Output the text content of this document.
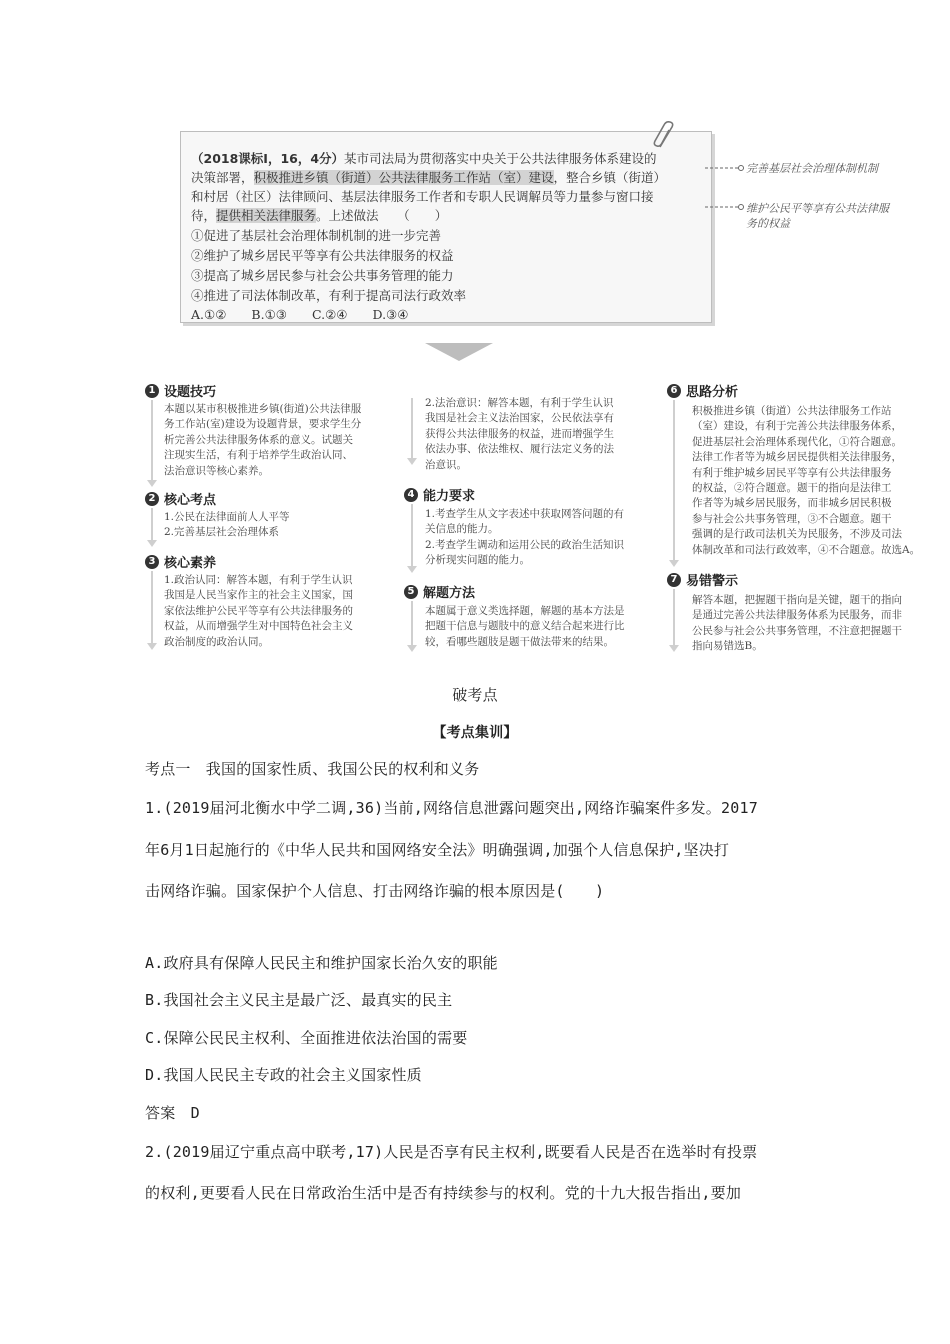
（2018课标Ⅰ，16，4分）某市司法局为贯彻落实中央关于公共法律服务体系建设的
决策部署，积极推进乡镇（街道）公共法律服务工作站（室）建设，整合乡镇（街道）
和村居（社区）法律顾问、基层法律服务工作者和专职人民调解员等力量参与窗口接
待，提供相关法律服务。上述做法　　（　　）
①促进了基层社会治理体制机制的进一步完善
②维护了城乡居民平等享有公共法律服务的权益
③提高了城乡居民参与社会公共事务管理的能力
④推进了司法体制改革，有利于提高司法行政效率
A.①②　　B.①③　　C.②④　　D.③④
完善基层社会治理体制机制
维护公民平等享有公共法律服
务的权益
1 设题技巧
本题以某市积极推进乡镇(街道)公共法律服
务工作站(室)建设为设题背景，要求学生分
析完善公共法律服务体系的意义。试题关
注现实生活，有利于培养学生政治认同、
法治意识等核心素养。
2 核心考点
1.公民在法律面前人人平等
2.完善基层社会治理体系
3 核心素养
1.政治认同：解答本题，有利于学生认识
我国是人民当家作主的社会主义国家，国
家依法维护公民平等享有公共法律服务的
权益，从而增强学生对中国特色社会主义
政治制度的政治认同。
2.法治意识：解答本题，有利于学生认识
我国是社会主义法治国家，公民依法享有
获得公共法律服务的权益，进而增强学生
依法办事、依法维权、履行法定义务的法
治意识。
4 能力要求
1.考查学生从文字表述中获取网答问题的有
关信息的能力。
2.考查学生调动和运用公民的政治生活知识
分析现实问题的能力。
5 解题方法
本题属于意义类选择题，解题的基本方法是
把题干信息与题肢中的意义结合起来进行比
较，看哪些题肢是题干做法带来的结果。
6 思路分析
积极推进乡镇（街道）公共法律服务工作站
（室）建设，有利于完善公共法律服务体系，
促进基层社会治理体系现代化，①符合题意。
法律工作者等为城乡居民提供相关法律服务，
有利于维护城乡居民平等享有公共法律服务
的权益，②符合题意。题干的指向是法律工
作者等为城乡居民服务，而非城乡居民积极
参与社会公共事务管理，③不合题意。题干
强调的是行政司法机关为民服务，不涉及司法
体制改革和司法行政效率，④不合题意。故选A。
7 易错警示
解答本题，把握题干指向是关键，题干的指向
是通过完善公共法律服务体系为民服务，而非
公民参与社会公共事务管理，不注意把握题干
指向易错选B。
破考点
【考点集训】
考点一　我国的国家性质、我国公民的权利和义务
1.(2019届河北衡水中学二调,36)当前,网络信息泄露问题突出,网络诈骗案件多发。2017
年6月1日起施行的《中华人民共和国网络安全法》明确强调,加强个人信息保护,坚决打
击网络诈骗。国家保护个人信息、打击网络诈骗的根本原因是(　　)
A.政府具有保障人民民主和维护国家长治久安的职能
B.我国社会主义民主是最广泛、最真实的民主
C.保障公民民主权利、全面推进依法治国的需要
D.我国人民民主专政的社会主义国家性质
答案　D
2.(2019届辽宁重点高中联考,17)人民是否享有民主权利,既要看人民是否在选举时有投票
的权利,更要看人民在日常政治生活中是否有持续参与的权利。党的十九大报告指出,要加
